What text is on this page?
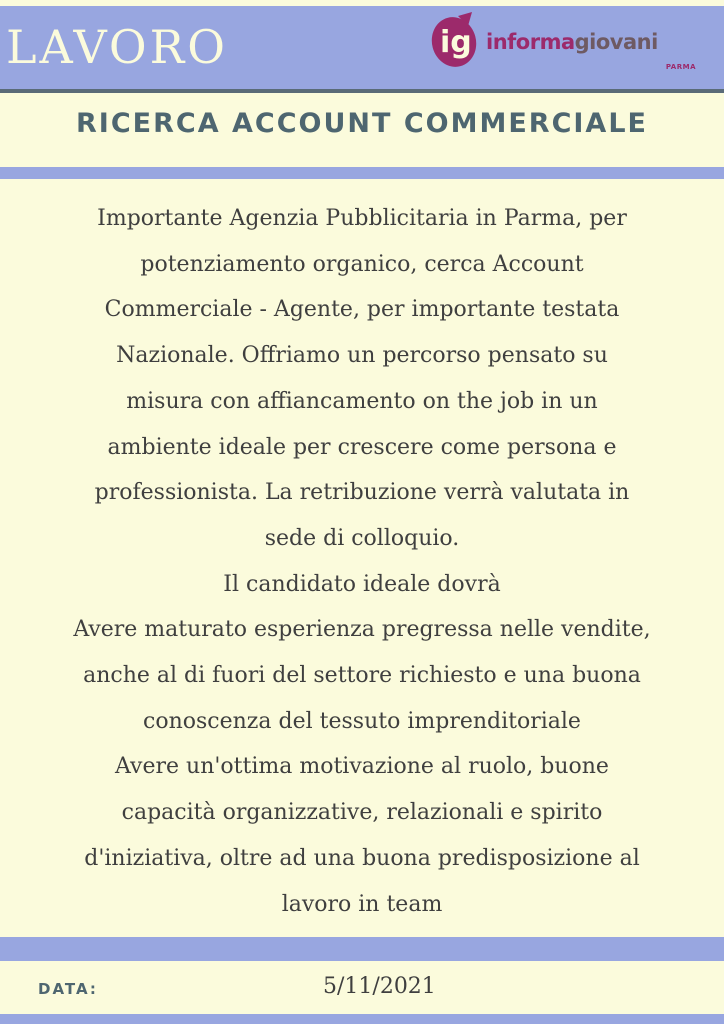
LAVORO	ig informagiovani
PARMA
RICERCA ACCOUNT COMMERCIALE
Importante Agenzia Pubblicitaria in Parma, per
potenziamento organico, cerca Account
Commerciale - Agente, per importante testata
Nazionale. Offriamo un percorso pensato su
misura con affiancamento on the job in un
ambiente ideale per crescere come persona e
professionista. La retribuzione verrà valutata in
sede di colloquio.
Il candidato ideale dovrà
Avere maturato esperienza pregressa nelle vendite,
anche al di fuori del settore richiesto e una buona
conoscenza del tessuto imprenditoriale
Avere un'ottima motivazione al ruolo, buone
capacità organizzative, relazionali e spirito
d'iniziativa, oltre ad una buona predisposizione al
lavoro in team
DATA:	5/11/2021
